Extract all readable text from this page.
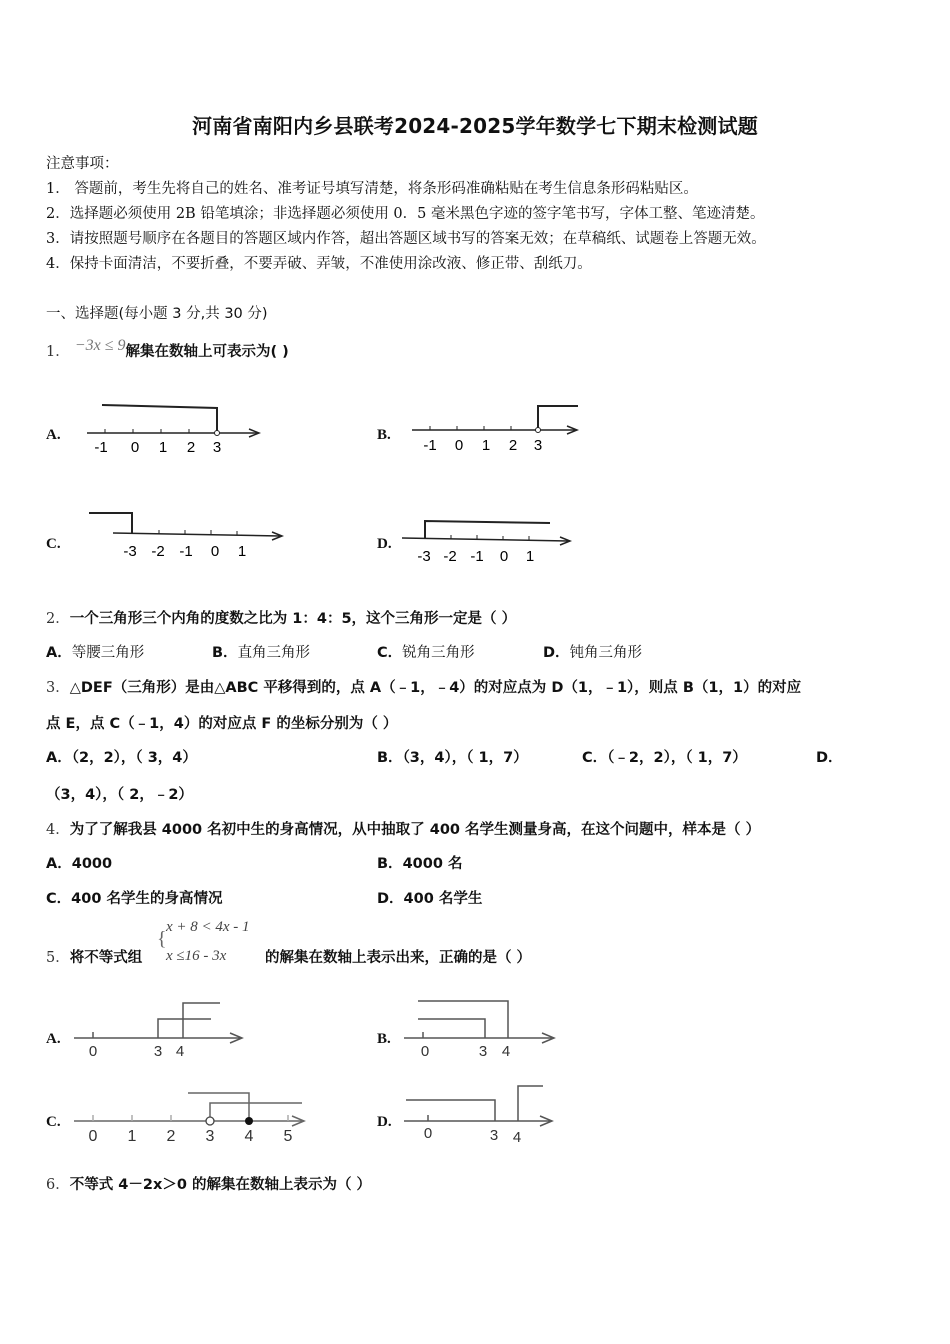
河南省南阳内乡县联考2024-2025学年数学七下期末检测试题
注意事项：
1． 答题前，考生先将自己的姓名、准考证号填写清楚，将条形码准确粘贴在考生信息条形码粘贴区。
2．选择题必须使用 2B 铅笔填涂；非选择题必须使用 0．5 毫米黑色字迹的签字笔书写，字体工整、笔迹清楚。
3．请按照题号顺序在各题目的答题区域内作答，超出答题区域书写的答案无效；在草稿纸、试题卷上答题无效。
4．保持卡面清洁，不要折叠，不要弄破、弄皱，不准使用涂改液、修正带、刮纸刀。
一、选择题(每小题 3 分,共 30 分)
1． −3x ≤ 9解集在数轴上可表示为( )
A.
-1 0 1 2 3
B.
-1 0 1 2 3
C.	-3 -2 -1 0 1	D.
-3 -2 -1 0 1
2．一个三角形三个内角的度数之比为 1：4：5，这个三角形一定是（ ）
A．等腰三角形	B．直角三角形	C．锐角三角形	D．钝角三角形
3．△DEF（三角形）是由△ABC 平移得到的，点 A（﹣1，﹣4）的对应点为 D（1，﹣1），则点 B（1，1）的对应
点 E，点 C（﹣1，4）的对应点 F 的坐标分别为（ ）
A．（2，2），（ 3，4）	B．（3，4），（ 1，7）	C．（﹣2，2），（ 1，7）	D．
（3，4），（ 2，﹣2）
4．为了了解我县 4000 名初中生的身高情况，从中抽取了 400 名学生测量身高，在这个问题中，样本是（ ）
A．4000	B．4000 名
C．400 名学生的身高情况	D．400 名学生
5．将不等式组
{
x + 8 < 4x - 1
x ≤16 - 3x	的解集在数轴上表示出来，正确的是（ ）
A.
0	3 4
B.
0	3 4
C.
0 1 2 3 4 5
D.
0	3 4
6．不等式 4－2x＞0 的解集在数轴上表示为（ ）
